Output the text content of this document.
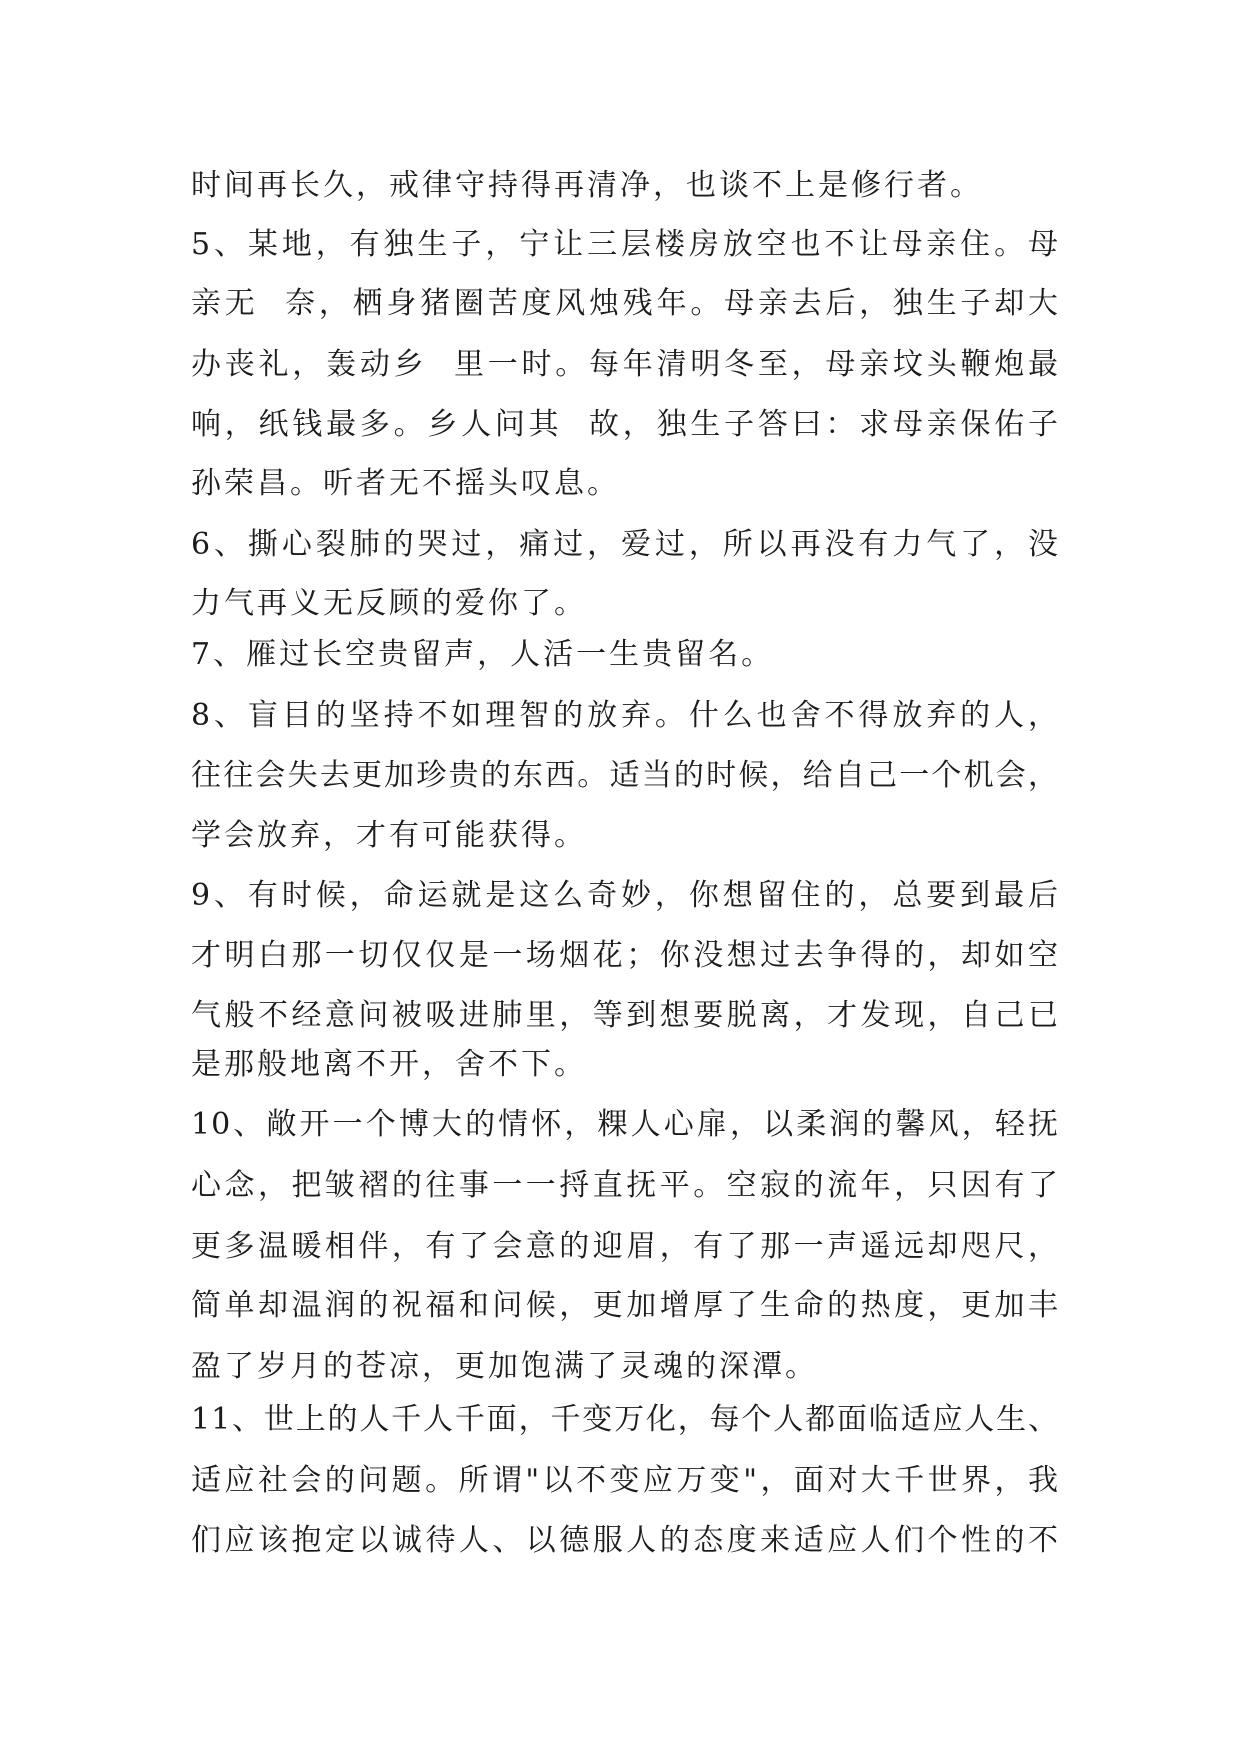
时间再长久，戒律守持得再清净，也谈不上是修行者。
5、某地，有独生子，宁让三层楼房放空也不让母亲住。母
亲无  奈，栖身猪圈苦度风烛残年。母亲去后，独生子却大
办丧礼，轰动乡  里一时。每年清明冬至，母亲坟头鞭炮最
响，纸钱最多。乡人问其  故，独生子答曰：求母亲保佑子
孙荣昌。听者无不摇头叹息。
6、撕心裂肺的哭过，痛过，爱过，所以再没有力气了，没
力气再义无反顾的爱你了。
7、雁过长空贵留声，人活一生贵留名。
8、盲目的坚持不如理智的放弃。什么也舍不得放弃的人，
往往会失去更加珍贵的东西。适当的时候，给自己一个机会，
学会放弃，才有可能获得。
9、有时候，命运就是这么奇妙，你想留住的，总要到最后
才明白那一切仅仅是一场烟花；你没想过去争得的，却如空
气般不经意问被吸进肺里，等到想要脱离，才发现，自己已
是那般地离不开，舍不下。
10、敞开一个博大的情怀，粿人心扉，以柔润的馨风，轻抚
心念，把皱褶的往事一一捋直抚平。空寂的流年，只因有了
更多温暖相伴，有了会意的迎眉，有了那一声遥远却咫尺，
简单却温润的祝福和问候，更加增厚了生命的热度，更加丰
盈了岁月的苍凉，更加饱满了灵魂的深潭。
11、世上的人千人千面，千变万化，每个人都面临适应人生、
适应社会的问题。所谓"以不变应万变"，面对大千世界，我
们应该抱定以诚待人、以德服人的态度来适应人们个性的不
